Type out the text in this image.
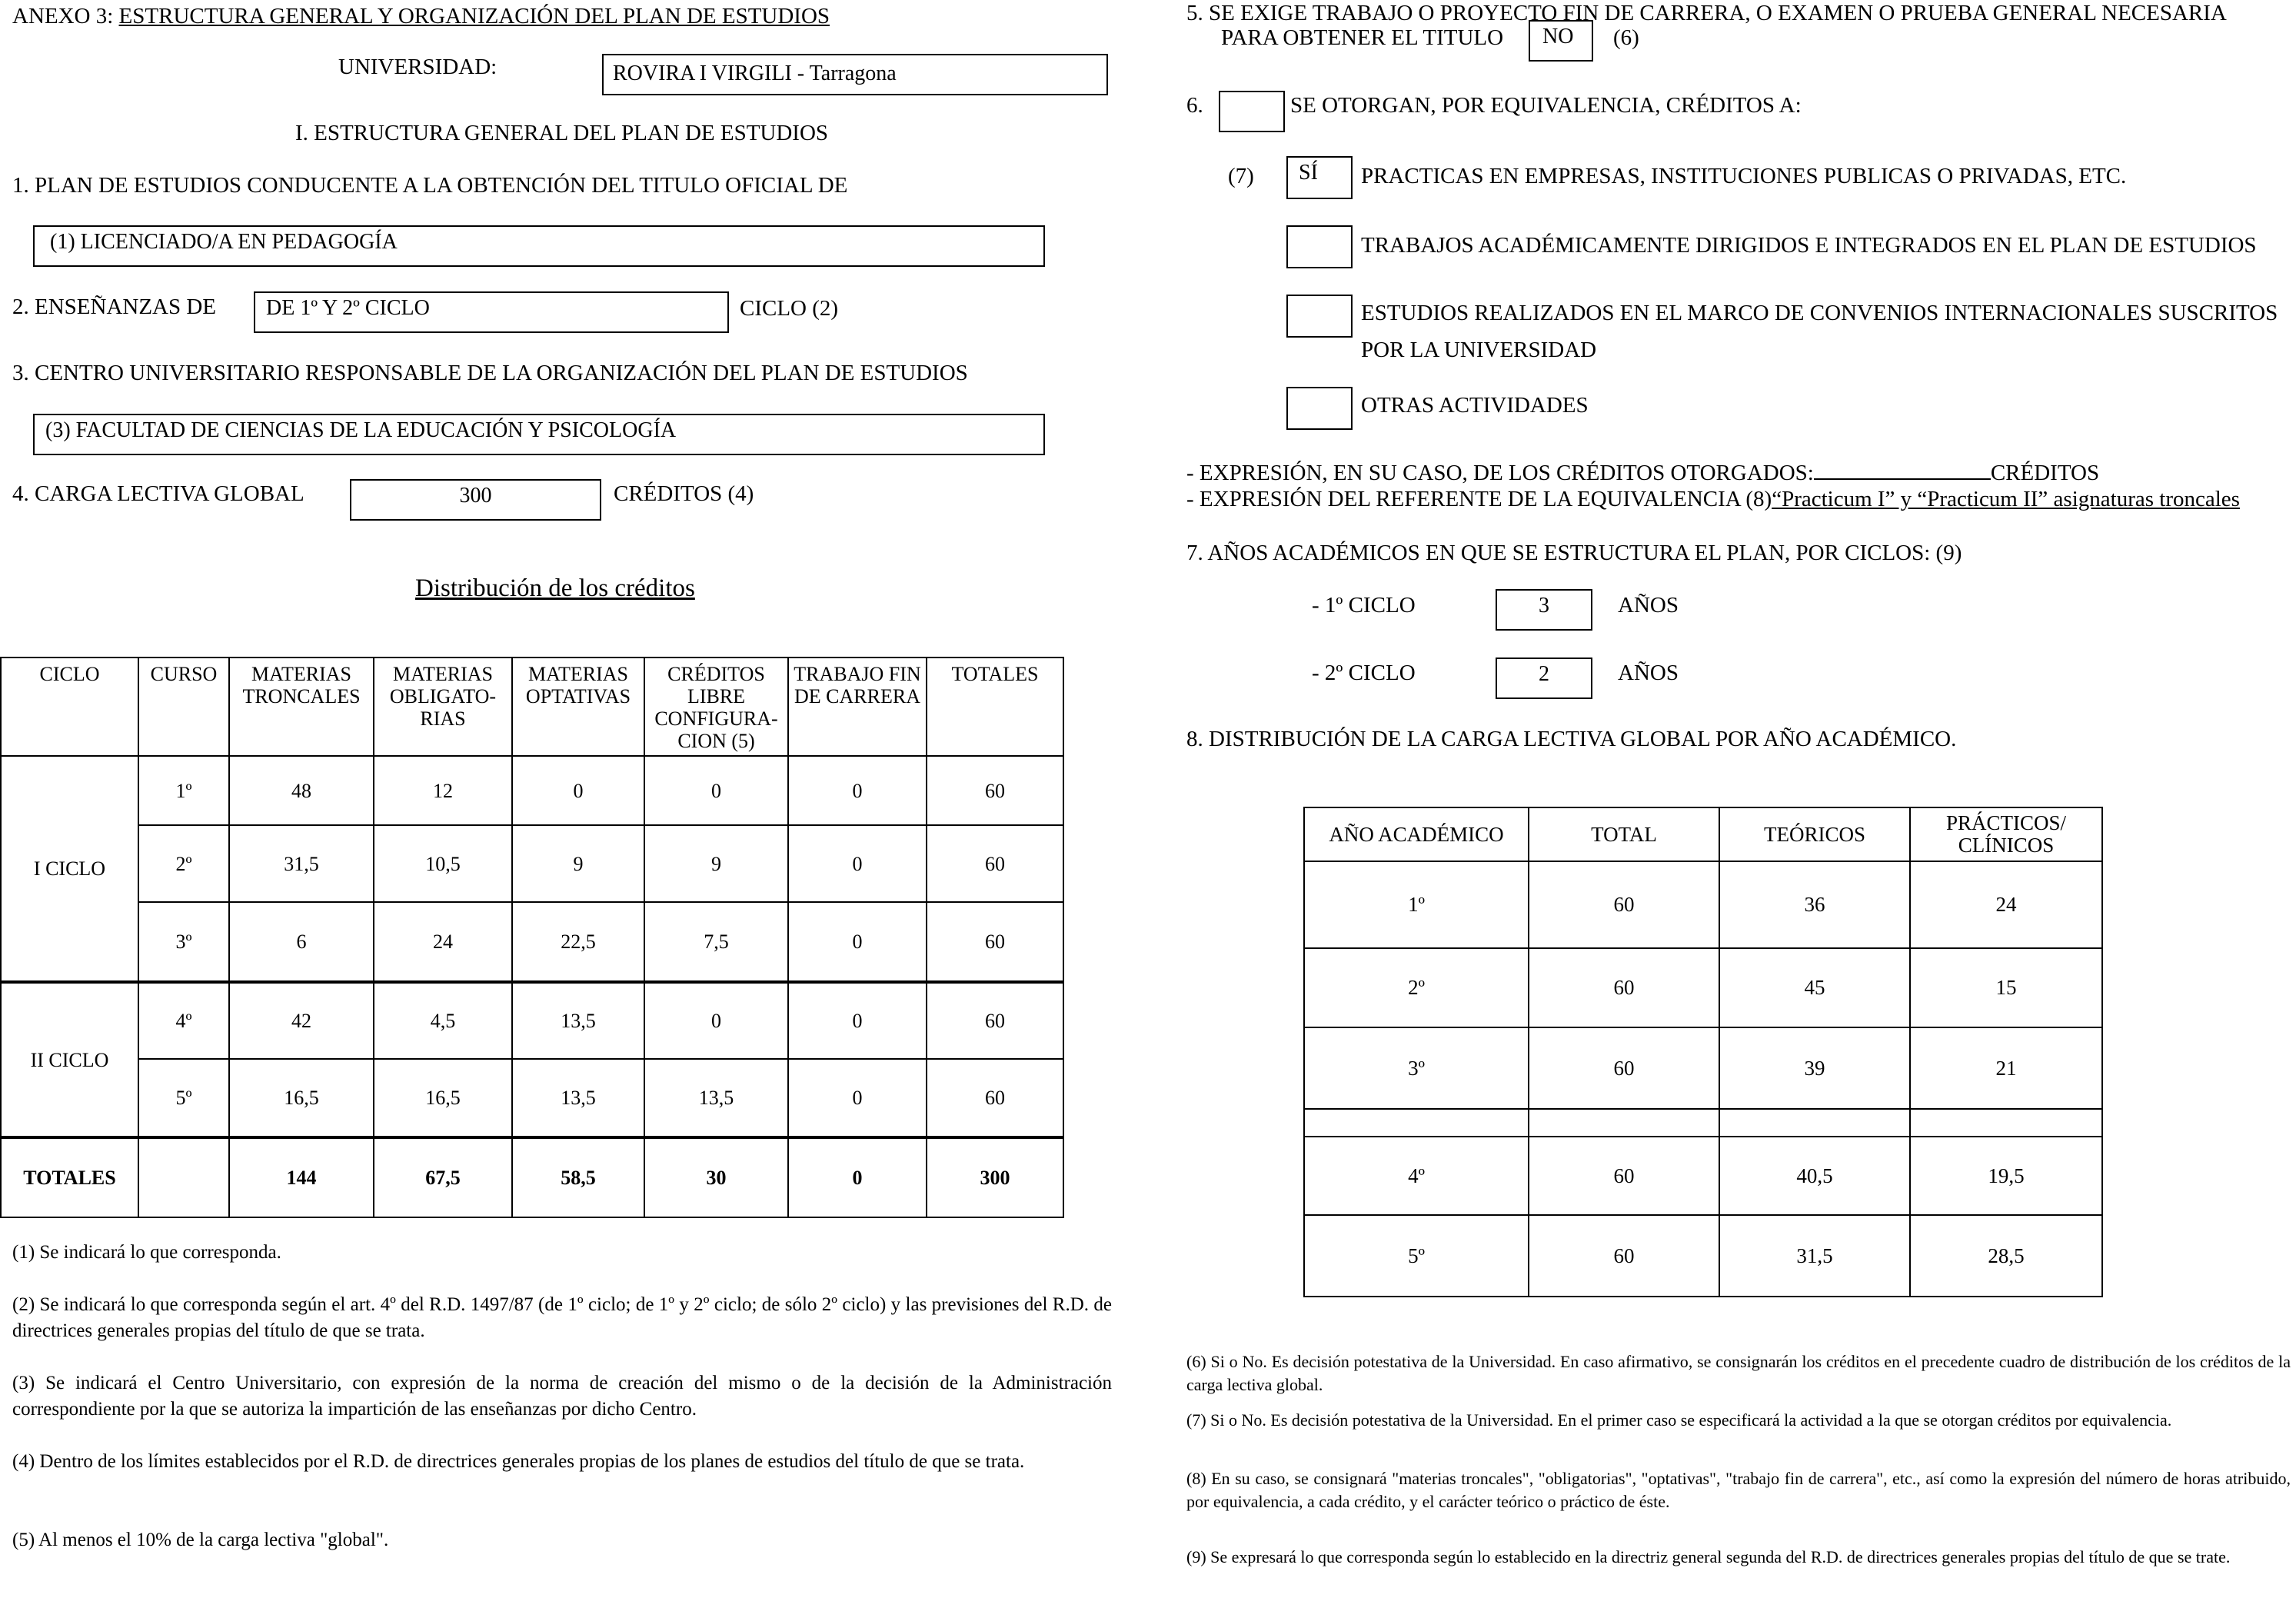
ANEXO 3: ESTRUCTURA GENERAL Y ORGANIZACIÓN DEL PLAN DE ESTUDIOS
UNIVERSIDAD:	ROVIRA I VIRGILI - Tarragona
I. ESTRUCTURA GENERAL DEL PLAN DE ESTUDIOS
1. PLAN DE ESTUDIOS CONDUCENTE A LA OBTENCIÓN DEL TITULO OFICIAL DE
(1) LICENCIADO/A EN PEDAGOGÍA
2. ENSEÑANZAS DE DE 1º Y 2º CICLO	CICLO (2)
3. CENTRO UNIVERSITARIO RESPONSABLE DE LA ORGANIZACIÓN DEL PLAN DE ESTUDIOS
(3) FACULTAD DE CIENCIAS DE LA EDUCACIÓN Y PSICOLOGÍA
4. CARGA LECTIVA GLOBAL	300	CRÉDITOS (4)
Distribución de los créditos
CICLO	CURSO	MATERIAS TRONCALES	MATERIAS OBLIGATO-RIAS	MATERIAS OPTATIVAS	CRÉDITOS LIBRE CONFIGURA-CION (5)	TRABAJO FIN DE CARRERA	TOTALES
I CICLO	1º	48	12	0	0	0	60
	2º	31,5	10,5	9	9	0	60
	3º	6	24	22,5	7,5	0	60
II CICLO	4º	42	4,5	13,5	0	0	60
	5º	16,5	16,5	13,5	13,5	0	60
TOTALES		144	67,5	58,5	30	0	300
(1) Se indicará lo que corresponda.
(2) Se indicará lo que corresponda según el art. 4º del R.D. 1497/87 (de 1º ciclo; de 1º y 2º ciclo; de sólo 2º ciclo) y las previsiones del R.D. de directrices generales propias del título de que se trata.
(3) Se indicará el Centro Universitario, con expresión de la norma de creación del mismo o de la decisión de la Administración correspondiente por la que se autoriza la impartición de las enseñanzas por dicho Centro.
(4) Dentro de los límites establecidos por el R.D. de directrices generales propias de los planes de estudios del título de que se trata.
(5) Al menos el 10% de la carga lectiva "global".
5. SE EXIGE TRABAJO O PROYECTO FIN DE CARRERA, O EXAMEN O PRUEBA GENERAL NECESARIA
PARA OBTENER EL TITULO NO (6)
6.	SE OTORGAN, POR EQUIVALENCIA, CRÉDITOS A:
(7) SÍ PRACTICAS EN EMPRESAS, INSTITUCIONES PUBLICAS O PRIVADAS, ETC.
TRABAJOS ACADÉMICAMENTE DIRIGIDOS E INTEGRADOS EN EL PLAN DE ESTUDIOS
ESTUDIOS REALIZADOS EN EL MARCO DE CONVENIOS INTERNACIONALES SUSCRITOS
POR LA UNIVERSIDAD
OTRAS ACTIVIDADES
- EXPRESIÓN, EN SU CASO, DE LOS CRÉDITOS OTORGADOS:	CRÉDITOS
- EXPRESIÓN DEL REFERENTE DE LA EQUIVALENCIA (8)“Practicum I” y “Practicum II” asignaturas troncales
7. AÑOS ACADÉMICOS EN QUE SE ESTRUCTURA EL PLAN, POR CICLOS: (9)
- 1º CICLO	3	AÑOS
- 2º CICLO	2	AÑOS
8. DISTRIBUCIÓN DE LA CARGA LECTIVA GLOBAL POR AÑO ACADÉMICO.
AÑO ACADÉMICO	TOTAL	TEÓRICOS	PRÁCTICOS/ CLÍNICOS
1º	60	36	24
2º	60	45	15
3º	60	39	21

4º	60	40,5	19,5
5º	60	31,5	28,5
(6) Si o No. Es decisión potestativa de la Universidad. En caso afirmativo, se consignarán los créditos en el precedente cuadro de distribución de los créditos de la carga lectiva global.
(7) Si o No. Es decisión potestativa de la Universidad. En el primer caso se especificará la actividad a la que se otorgan créditos por equivalencia.
(8) En su caso, se consignará "materias troncales", "obligatorias", "optativas", "trabajo fin de carrera", etc., así como la expresión del número de horas atribuido, por equivalencia, a cada crédito, y el carácter teórico o práctico de éste.
(9) Se expresará lo que corresponda según lo establecido en la directriz general segunda del R.D. de directrices generales propias del título de que se trate.
